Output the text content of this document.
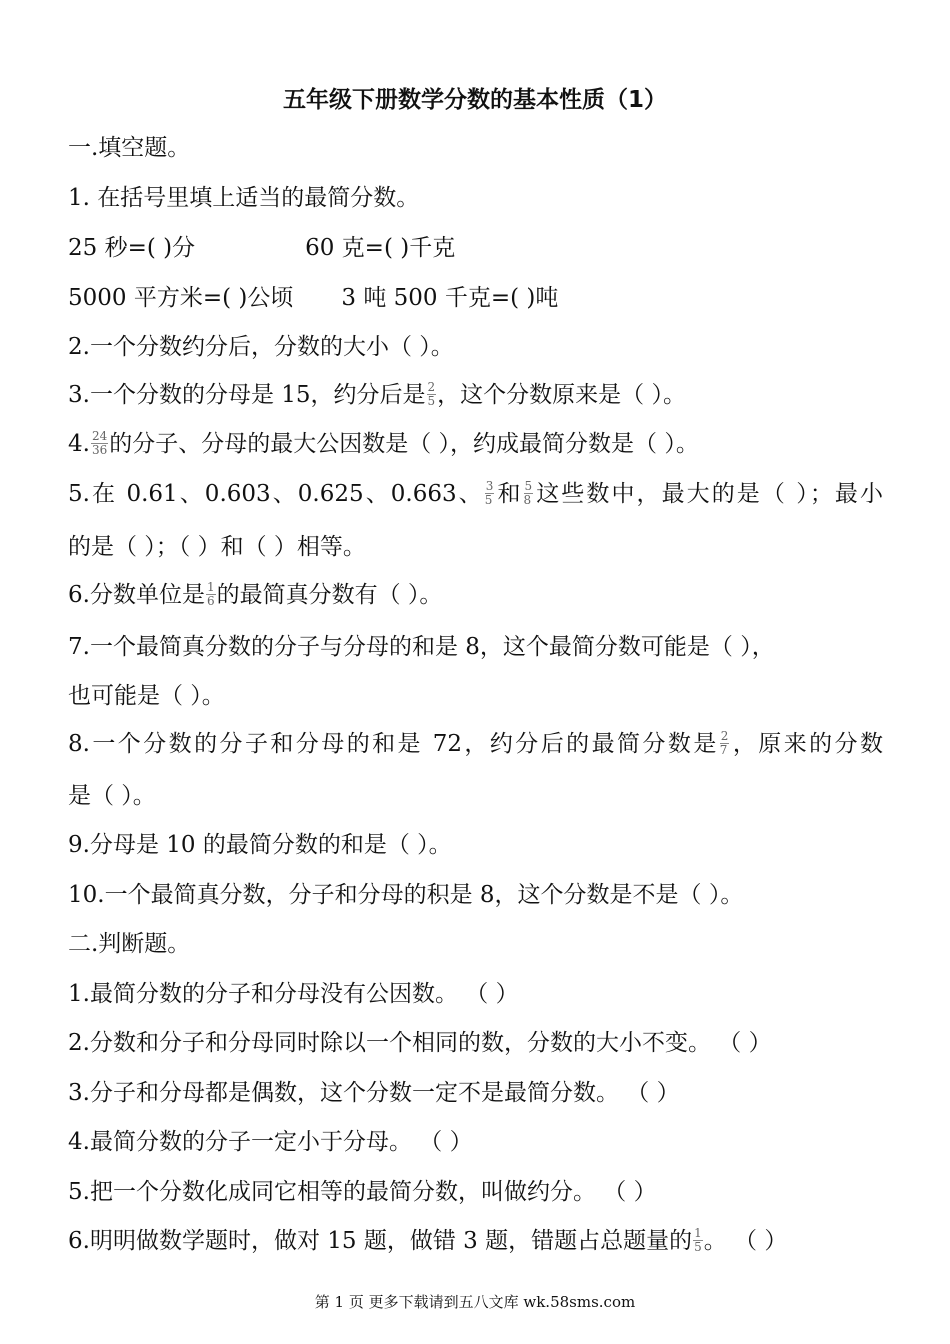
五年级下册数学分数的基本性质（1）
一.填空题。
1. 在括号里填上适当的最简分数。
25 秒=( )分	60 克=( )千克
5000 平方米=( )公顷 3 吨 500 千克=( )吨
2.一个分数约分后，分数的大小（ ）。
3.一个分数的分母是 15，约分后是 $\frac{2}{5}$ ，这个分数原来是（ ）。
4. $\frac{24}{36}$ 的分子、分母的最大公因数是（ ），约成最简分数是（ ）。
5.在 0.61、0.603、0.625、0.663、 $\frac{3}{5}$ 和 $\frac{5}{8}$ 这些数中，最大的是（ ）；最小
的是（ ）；（ ）和（ ）相等。
6.分数单位是 $\frac{1}{6}$ 的最简真分数有（ ）。
7.一个最简真分数的分子与分母的和是 8，这个最简分数可能是（ ），
也可能是（ ）。
8.一个分数的分子和分母的和是 72，约分后的最简分数是 $\frac{2}{7}$ ，原来的分数
是（ ）。
9.分母是 10 的最简分数的和是（ ）。
10.一个最简真分数，分子和分母的积是 8，这个分数是不是（ ）。
二.判断题。
1.最简分数的分子和分母没有公因数。 （ ）
2.分数和分子和分母同时除以一个相同的数，分数的大小不变。 （ ）
3.分子和分母都是偶数，这个分数一定不是最简分数。 （ ）
4.最简分数的分子一定小于分母。 （ ）
5.把一个分数化成同它相等的最简分数，叫做约分。 （ ）
6.明明做数学题时，做对 15 题，做错 3 题，错题占总题量的 $\frac{1}{5}$ 。 （ ）
第 1 页 更多下载请到五八文库 wk.58sms.com
